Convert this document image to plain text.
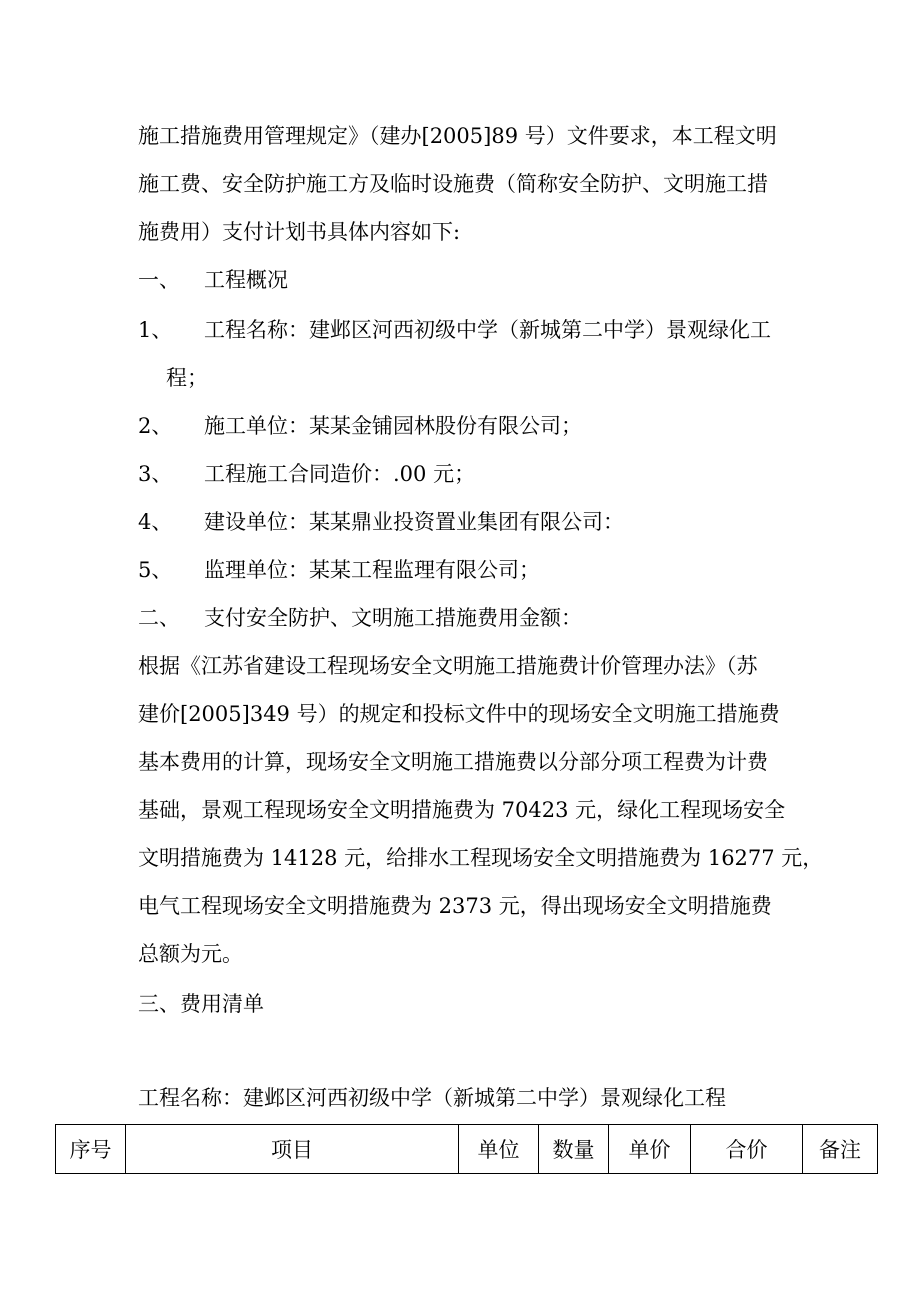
施工措施费用管理规定》（建办[2005]89 号）文件要求，本工程文明
施工费、安全防护施工方及临时设施费（简称安全防护、文明施工措
施费用）支付计划书具体内容如下:
一、 工程概况
1、 工程名称：建邺区河西初级中学（新城第二中学）景观绿化工
程；
2、 施工单位：某某金铺园林股份有限公司；
3、 工程施工合同造价：.00 元；
4、 建设单位：某某鼎业投资置业集团有限公司：
5、 监理单位：某某工程监理有限公司；
二、 支付安全防护、文明施工措施费用金额：
根据《江苏省建设工程现场安全文明施工措施费计价管理办法》（苏
建价[2005]349 号）的规定和投标文件中的现场安全文明施工措施费
基本费用的计算，现场安全文明施工措施费以分部分项工程费为计费
基础，景观工程现场安全文明措施费为 70423 元，绿化工程现场安全
文明措施费为 14128 元，给排水工程现场安全文明措施费为 16277 元，
电气工程现场安全文明措施费为 2373 元，得出现场安全文明措施费
总额为元。
三、费用清单
工程名称：建邺区河西初级中学（新城第二中学）景观绿化工程
序号	项目	单位	数量	单价	合价	备注
